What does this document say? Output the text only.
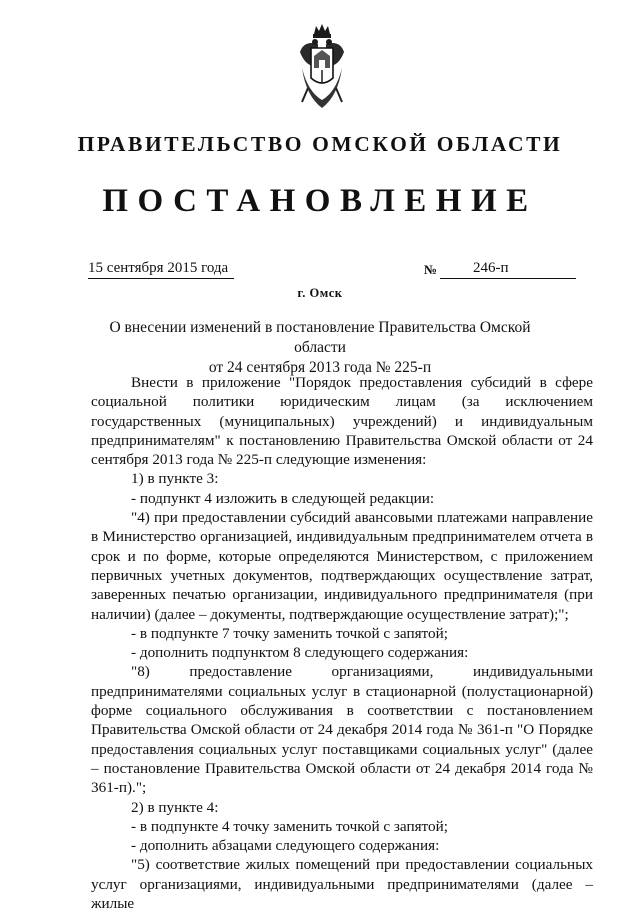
ПРАВИТЕЛЬСТВО ОМСКОЙ ОБЛАСТИ
ПОСТАНОВЛЕНИЕ
15 сентября 2015 года	№	246-п
г. Омск
О внесении изменений в постановление Правительства Омской области
от 24 сентября 2013 года № 225-п

Внести в приложение "Порядок предоставления субсидий в сфере социальной политики юридическим лицам (за исключением государственных (муниципальных) учреждений) и индивидуальным предпринимателям" к постановлению Правительства Омской области от 24 сентября 2013 года № 225-п следующие изменения:

1) в пункте 3:

- подпункт 4 изложить в следующей редакции:

"4) при предоставлении субсидий авансовыми платежами направление в Министерство организацией, индивидуальным предпринимателем отчета в срок и по форме, которые определяются Министерством, с приложением первичных учетных документов, подтверждающих осуществление затрат, заверенных печатью организации, индивидуального предпринимателя (при наличии) (далее – документы, подтверждающие осуществление затрат);";

- в подпункте 7 точку заменить точкой с запятой;

- дополнить подпунктом 8 следующего содержания:

"8) предоставление организациями, индивидуальными предпринимателями социальных услуг в стационарной (полустационарной) форме социального обслуживания в соответствии с постановлением Правительства Омской области от 24 декабря 2014 года № 361-п "О Порядке предоставления социальных услуг поставщиками социальных услуг" (далее – постановление Правительства Омской области от 24 декабря 2014 года № 361-п).";

2) в пункте 4:

- в подпункте 4 точку заменить точкой с запятой;

- дополнить абзацами следующего содержания:

"5) соответствие жилых помещений при предоставлении социальных услуг организациями, индивидуальными предпринимателями (далее – жилые
